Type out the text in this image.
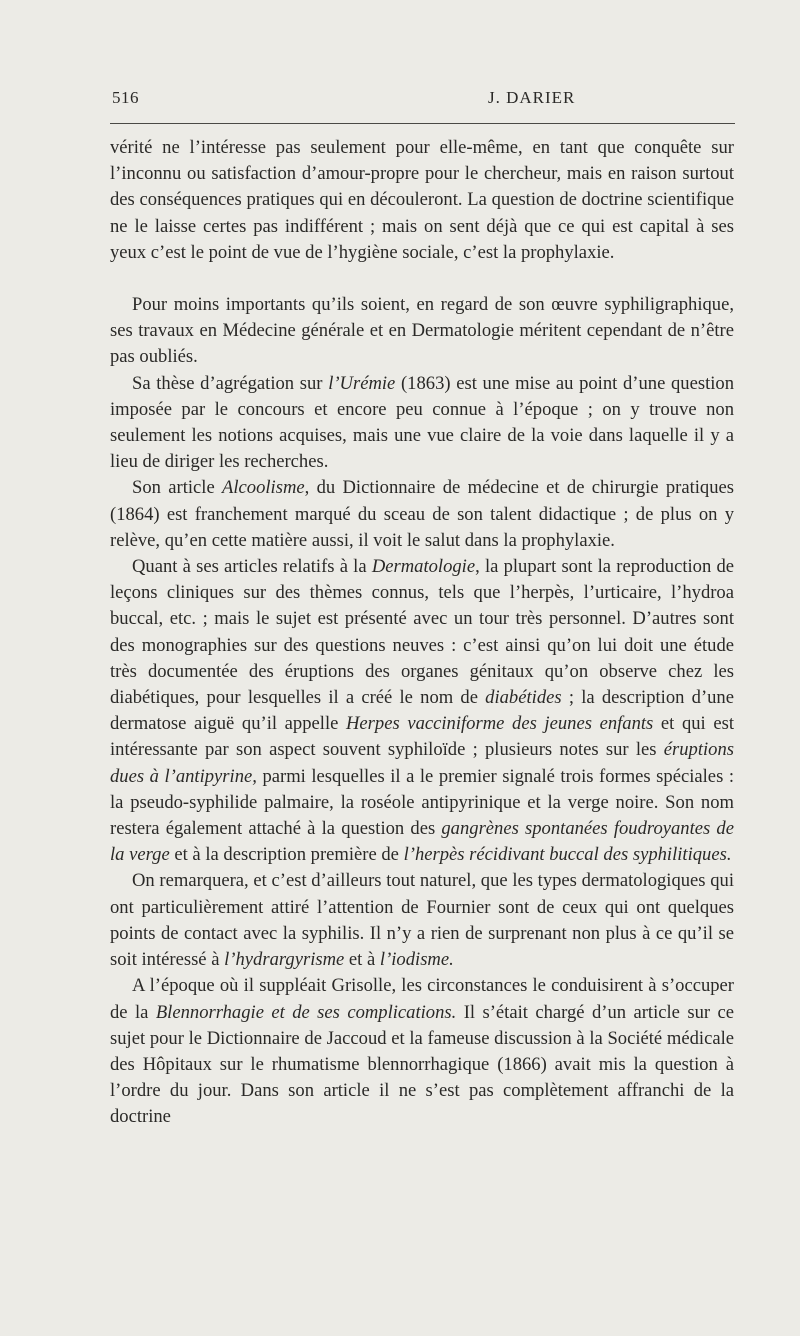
516	J. DARIER

vérité ne l’intéresse pas seulement pour elle-même, en tant que conquête sur l’inconnu ou satisfaction d’amour-propre pour le chercheur, mais en raison surtout des conséquences pratiques qui en découleront. La question de doctrine scientifique ne le laisse certes pas indifférent ; mais on sent déjà que ce qui est capital à ses yeux c’est le point de vue de l’hygiène sociale, c’est la prophylaxie.

Pour moins importants qu’ils soient, en regard de son œuvre syphiligraphique, ses travaux en Médecine générale et en Dermatologie méritent cependant de n’être pas oubliés.

Sa thèse d’agrégation sur l’Urémie (1863) est une mise au point d’une question imposée par le concours et encore peu connue à l’époque ; on y trouve non seulement les notions acquises, mais une vue claire de la voie dans laquelle il y a lieu de diriger les recherches.

Son article Alcoolisme, du Dictionnaire de médecine et de chirurgie pratiques (1864) est franchement marqué du sceau de son talent didactique ; de plus on y relève, qu’en cette matière aussi, il voit le salut dans la prophylaxie.

Quant à ses articles relatifs à la Dermatologie, la plupart sont la reproduction de leçons cliniques sur des thèmes connus, tels que l’herpès, l’urticaire, l’hydroa buccal, etc. ; mais le sujet est présenté avec un tour très personnel. D’autres sont des monographies sur des questions neuves : c’est ainsi qu’on lui doit une étude très documentée des éruptions des organes génitaux qu’on observe chez les diabétiques, pour lesquelles il a créé le nom de diabétides ; la description d’une dermatose aiguë qu’il appelle Herpes vacciniforme des jeunes enfants et qui est intéressante par son aspect souvent syphiloïde ; plusieurs notes sur les éruptions dues à l’antipyrine, parmi lesquelles il a le premier signalé trois formes spéciales : la pseudo-syphilide palmaire, la roséole antipyrinique et la verge noire. Son nom restera également attaché à la question des gangrènes spontanées foudroyantes de la verge et à la description première de l’herpès récidivant buccal des syphilitiques.

On remarquera, et c’est d’ailleurs tout naturel, que les types dermatologiques qui ont particulièrement attiré l’attention de Fournier sont de ceux qui ont quelques points de contact avec la syphilis. Il n’y a rien de surprenant non plus à ce qu’il se soit intéressé à l’hydrargyrisme et à l’iodisme.

A l’époque où il suppléait Grisolle, les circonstances le conduisirent à s’occuper de la Blennorrhagie et de ses complications. Il s’était chargé d’un article sur ce sujet pour le Dictionnaire de Jaccoud et la fameuse discussion à la Société médicale des Hôpitaux sur le rhumatisme blennorrhagique (1866) avait mis la question à l’ordre du jour. Dans son article il ne s’est pas complètement affranchi de la doctrine
